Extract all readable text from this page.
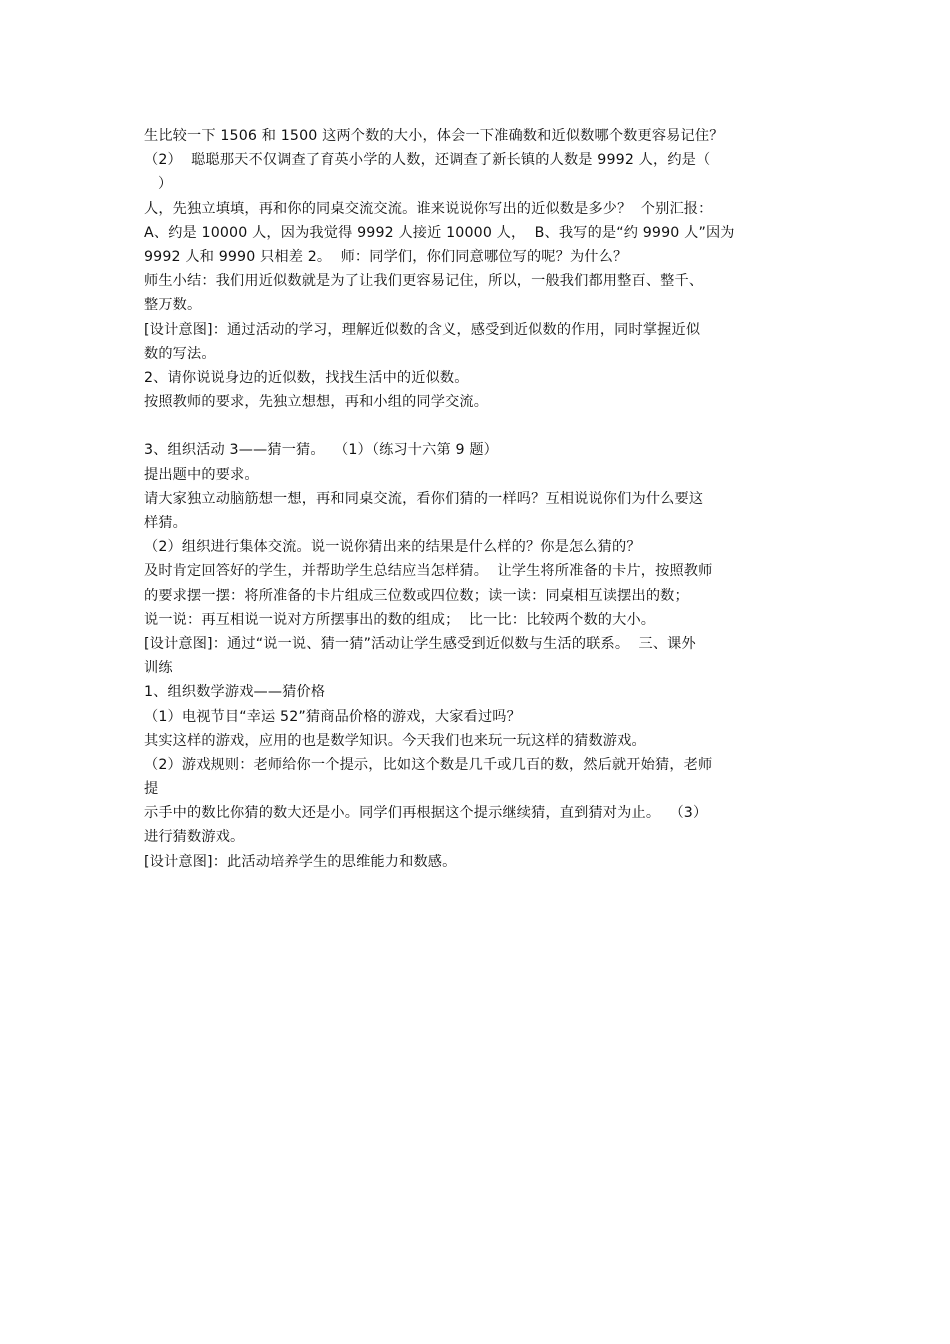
生比较一下 1506 和 1500 这两个数的大小，体会一下准确数和近似数哪个数更容易记住？
（2）  聪聪那天不仅调查了育英小学的人数，还调查了新长镇的人数是 9992 人，约是（
）
人，先独立填填，再和你的同桌交流交流。谁来说说你写出的近似数是多少？  个别汇报：
A、约是 10000 人，因为我觉得 9992 人接近 10000 人，  B、我写的是“约 9990 人”因为
9992 人和 9990 只相差 2。  师：同学们，你们同意哪位写的呢？为什么？
师生小结：我们用近似数就是为了让我们更容易记住，所以，一般我们都用整百、整千、
整万数。
[设计意图]：通过活动的学习，理解近似数的含义，感受到近似数的作用，同时掌握近似
数的写法。
2、请你说说身边的近似数，找找生活中的近似数。
按照教师的要求，先独立想想，再和小组的同学交流。
3、组织活动 3——猜一猜。  （1）（练习十六第 9 题）
提出题中的要求。
请大家独立动脑筋想一想，再和同桌交流，看你们猜的一样吗？互相说说你们为什么要这
样猜。
（2）组织进行集体交流。说一说你猜出来的结果是什么样的？你是怎么猜的？
及时肯定回答好的学生，并帮助学生总结应当怎样猜。  让学生将所准备的卡片，按照教师
的要求摆一摆：将所准备的卡片组成三位数或四位数；读一读：同桌相互读摆出的数；
说一说：再互相说一说对方所摆事出的数的组成；  比一比：比较两个数的大小。
[设计意图]：通过“说一说、猜一猜”活动让学生感受到近似数与生活的联系。  三、课外
训练
1、组织数学游戏——猜价格
（1）电视节目“幸运 52”猜商品价格的游戏，大家看过吗？
其实这样的游戏，应用的也是数学知识。今天我们也来玩一玩这样的猜数游戏。
（2）游戏规则：老师给你一个提示，比如这个数是几千或几百的数，然后就开始猜，老师
提
示手中的数比你猜的数大还是小。同学们再根据这个提示继续猜，直到猜对为止。  （3）
进行猜数游戏。
[设计意图]：此活动培养学生的思维能力和数感。
